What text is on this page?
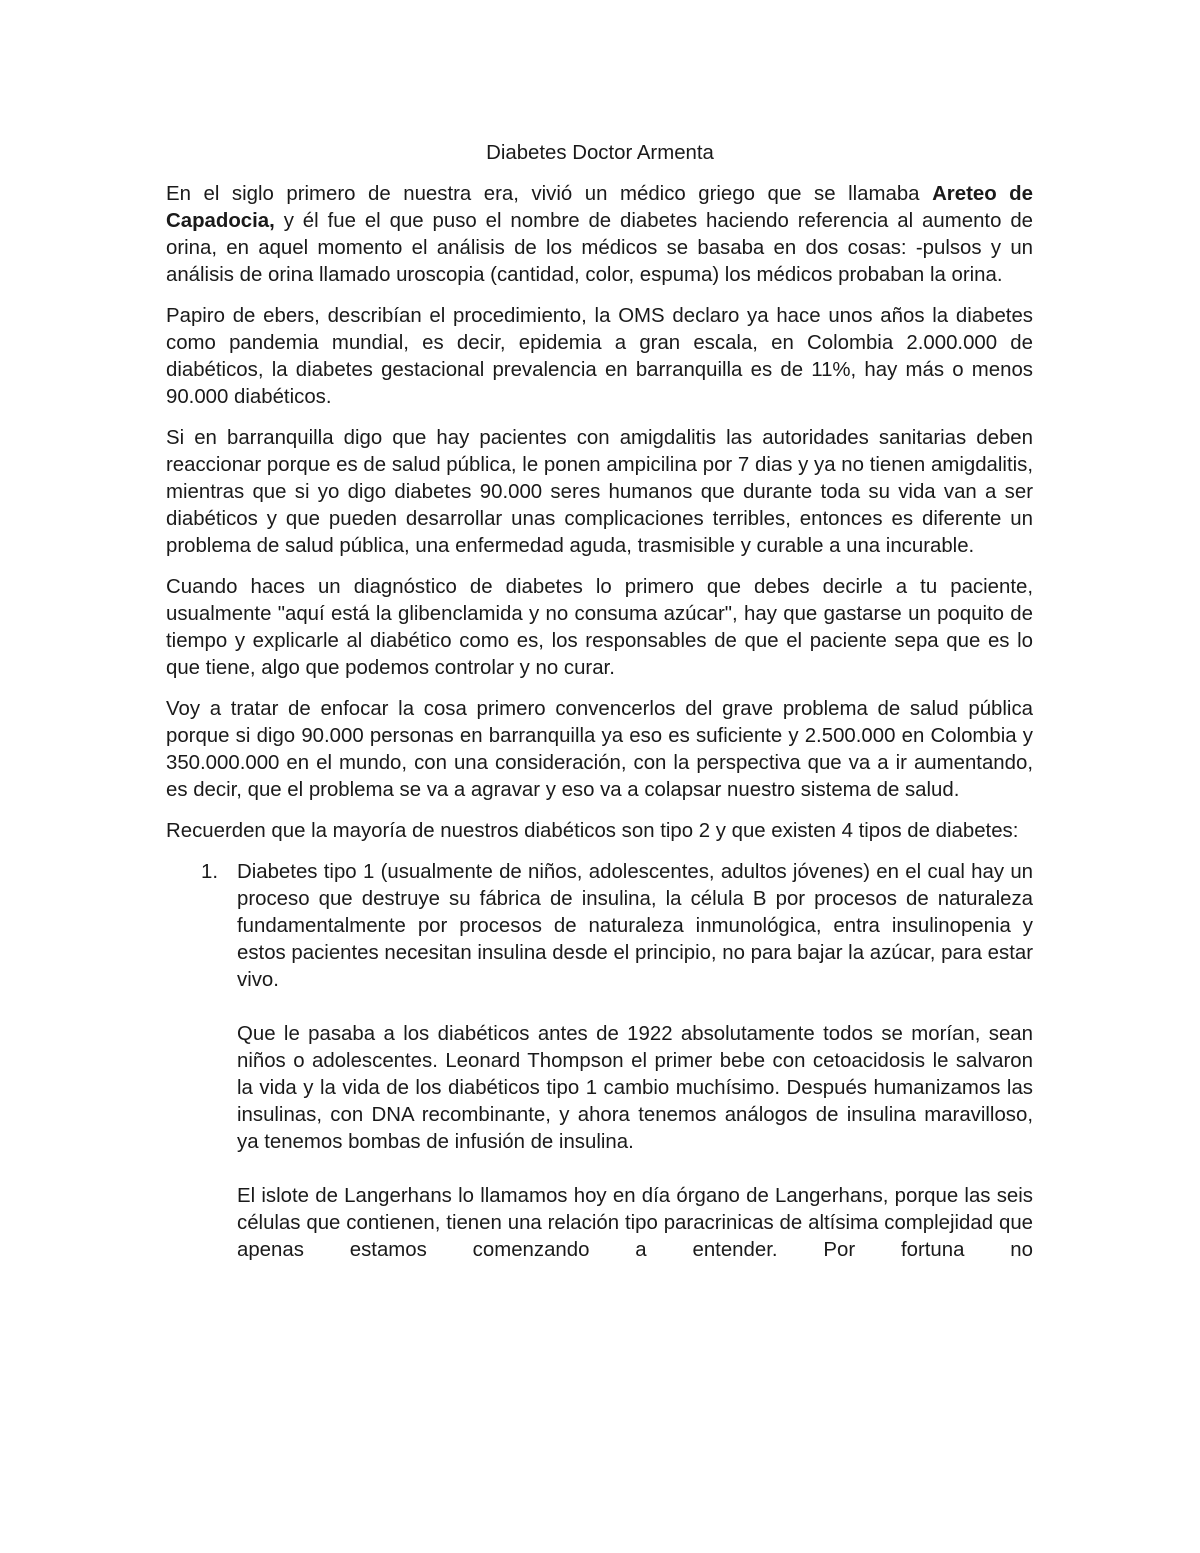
Diabetes Doctor Armenta

En el siglo primero de nuestra era, vivió un médico griego que se llamaba Areteo de Capadocia, y él fue el que puso el nombre de diabetes haciendo referencia al aumento de orina, en aquel momento el análisis de los médicos se basaba en dos cosas: -pulsos y un análisis de orina llamado uroscopia (cantidad, color, espuma) los médicos probaban la orina.

Papiro de ebers, describían el procedimiento, la OMS declaro ya hace unos años la diabetes como pandemia mundial, es decir, epidemia a gran escala, en Colombia 2.000.000 de diabéticos, la diabetes gestacional prevalencia en barranquilla es de 11%, hay más o menos 90.000 diabéticos.

Si en barranquilla digo que hay pacientes con amigdalitis las autoridades sanitarias deben reaccionar porque es de salud pública, le ponen ampicilina por 7 dias y ya no tienen amigdalitis, mientras que si yo digo diabetes 90.000 seres humanos que durante toda su vida van a ser diabéticos y que pueden desarrollar unas complicaciones terribles, entonces es diferente un problema de salud pública, una enfermedad aguda, trasmisible y curable a una incurable.

Cuando haces un diagnóstico de diabetes lo primero que debes decirle a tu paciente, usualmente "aquí está la glibenclamida y no consuma azúcar", hay que gastarse un poquito de tiempo y explicarle al diabético como es, los responsables de que el paciente sepa que es lo que tiene, algo que podemos controlar y no curar.

Voy a tratar de enfocar la cosa primero convencerlos del grave problema de salud pública porque si digo 90.000 personas en barranquilla ya eso es suficiente y 2.500.000 en Colombia y 350.000.000 en el mundo, con una consideración, con la perspectiva que va a ir aumentando, es decir, que el problema se va a agravar y eso va a colapsar nuestro sistema de salud.

Recuerden que la mayoría de nuestros diabéticos son tipo 2 y que existen 4 tipos de diabetes:

1. Diabetes tipo 1 (usualmente de niños, adolescentes, adultos jóvenes) en el cual hay un proceso que destruye su fábrica de insulina, la célula B por procesos de naturaleza fundamentalmente por procesos de naturaleza inmunológica, entra insulinopenia y estos pacientes necesitan insulina desde el principio, no para bajar la azúcar, para estar vivo.

Que le pasaba a los diabéticos antes de 1922 absolutamente todos se morían, sean niños o adolescentes. Leonard Thompson el primer bebe con cetoacidosis le salvaron la vida y la vida de los diabéticos tipo 1 cambio muchísimo. Después humanizamos las insulinas, con DNA recombinante, y ahora tenemos análogos de insulina maravilloso, ya tenemos bombas de infusión de insulina.

El islote de Langerhans lo llamamos hoy en día órgano de Langerhans, porque las seis células que contienen, tienen una relación tipo paracrinicas de altísima complejidad que apenas estamos comenzando a entender. Por fortuna no
